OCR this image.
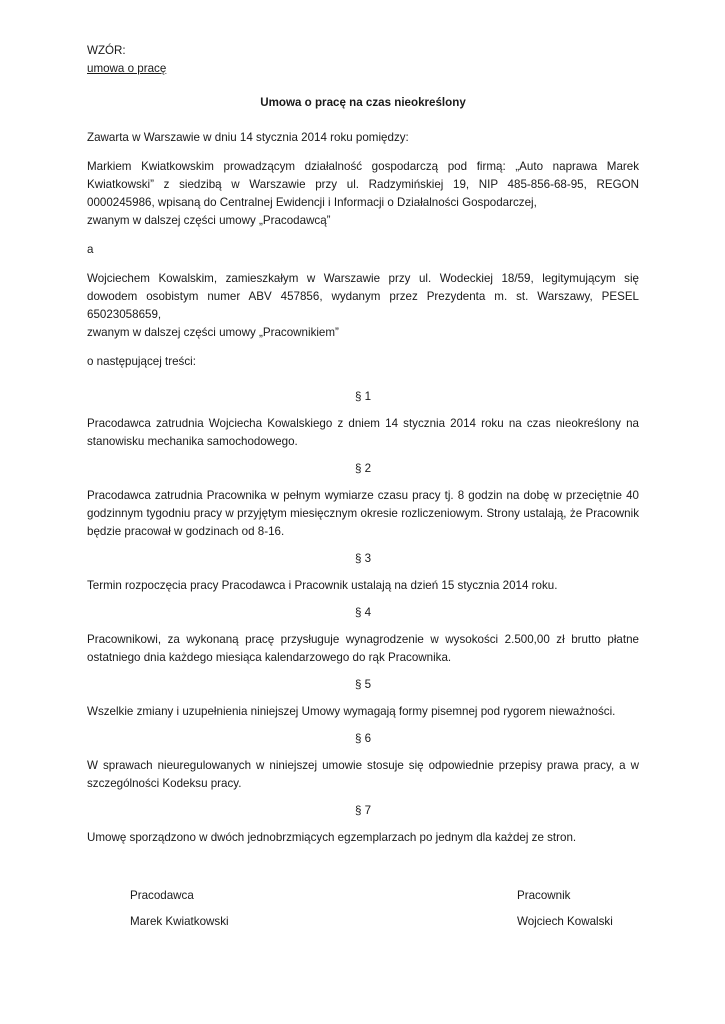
WZÓR:

umowa o pracę

Umowa o pracę na czas nieokreślony

Zawarta w Warszawie w dniu 14 stycznia 2014 roku pomiędzy:

Markiem Kwiatkowskim prowadzącym działalność gospodarczą pod firmą: „Auto naprawa Marek Kwiatkowski” z siedzibą w Warszawie przy ul. Radzymińskiej 19, NIP 485-856-68-95, REGON 0000245986, wpisaną do Centralnej Ewidencji i Informacji o Działalności Gospodarczej,

zwanym w dalszej części umowy „Pracodawcą”

a

Wojciechem Kowalskim, zamieszkałym w Warszawie przy ul. Wodeckiej 18/59, legitymującym się dowodem osobistym numer ABV 457856, wydanym przez Prezydenta m. st. Warszawy, PESEL 65023058659,

zwanym w dalszej części umowy „Pracownikiem”

o następującej treści:

§ 1

Pracodawca zatrudnia Wojciecha Kowalskiego z dniem 14 stycznia 2014 roku na czas nieokreślony na stanowisku mechanika samochodowego.

§ 2

Pracodawca zatrudnia Pracownika w pełnym wymiarze czasu pracy tj. 8 godzin na dobę w przeciętnie 40 godzinnym tygodniu pracy w przyjętym miesięcznym okresie rozliczeniowym. Strony ustalają, że Pracownik będzie pracował w godzinach od 8-16.

§ 3

Termin rozpoczęcia pracy Pracodawca i Pracownik ustalają na dzień 15 stycznia 2014 roku.

§ 4

Pracownikowi, za wykonaną pracę przysługuje wynagrodzenie w wysokości 2.500,00 zł brutto płatne ostatniego dnia każdego miesiąca kalendarzowego do rąk Pracownika.

§ 5

Wszelkie zmiany i uzupełnienia niniejszej Umowy wymagają formy pisemnej pod rygorem nieważności.

§ 6

W sprawach nieuregulowanych w niniejszej umowie stosuje się odpowiednie przepisy prawa pracy, a w szczególności Kodeksu pracy.

§ 7

Umowę sporządzono w dwóch jednobrzmiących egzemplarzach po jednym dla każdej ze stron.

Pracodawca

Marek Kwiatkowski

Pracownik

Wojciech Kowalski
